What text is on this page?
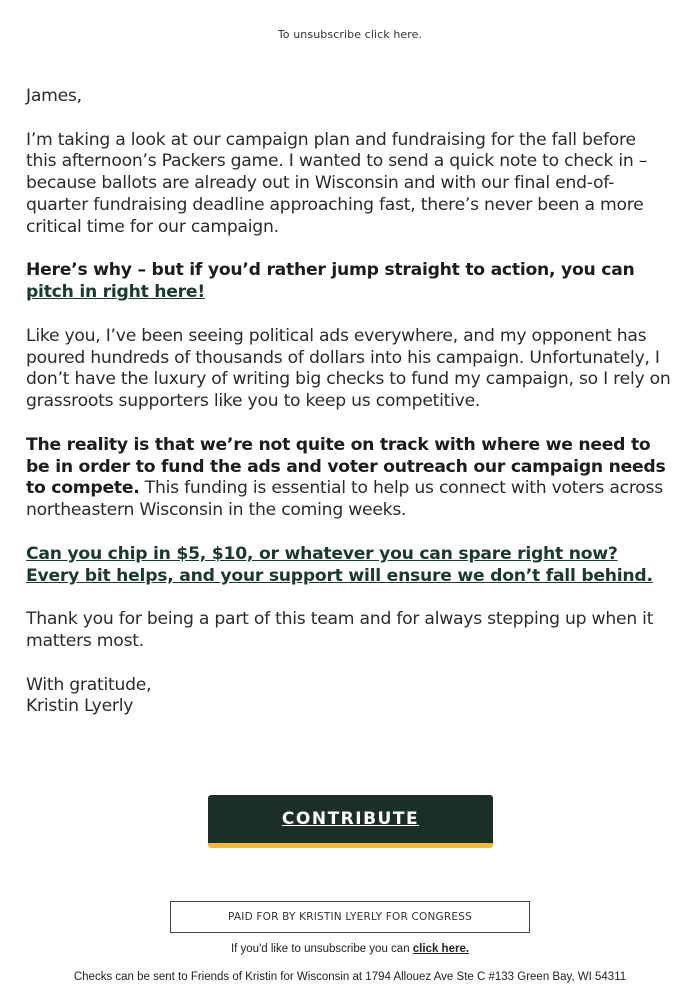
To unsubscribe click here.

James,

I’m taking a look at our campaign plan and fundraising for the fall before this afternoon’s Packers game. I wanted to send a quick note to check in – because ballots are already out in Wisconsin and with our final end-of-quarter fundraising deadline approaching fast, there’s never been a more critical time for our campaign.

Here’s why – but if you’d rather jump straight to action, you can pitch in right here!

Like you, I’ve been seeing political ads everywhere, and my opponent has poured hundreds of thousands of dollars into his campaign. Unfortunately, I don’t have the luxury of writing big checks to fund my campaign, so I rely on grassroots supporters like you to keep us competitive.

The reality is that we’re not quite on track with where we need to be in order to fund the ads and voter outreach our campaign needs to compete. This funding is essential to help us connect with voters across northeastern Wisconsin in the coming weeks.

Can you chip in $5, $10, or whatever you can spare right now? Every bit helps, and your support will ensure we don’t fall behind.

Thank you for being a part of this team and for always stepping up when it matters most.

With gratitude,

Kristin Lyerly

CONTRIBUTE
PAID FOR BY KRISTIN LYERLY FOR CONGRESS
If you'd like to unsubscribe you can click here.
Checks can be sent to Friends of Kristin for Wisconsin at 1794 Allouez Ave Ste C #133 Green Bay, WI 54311
